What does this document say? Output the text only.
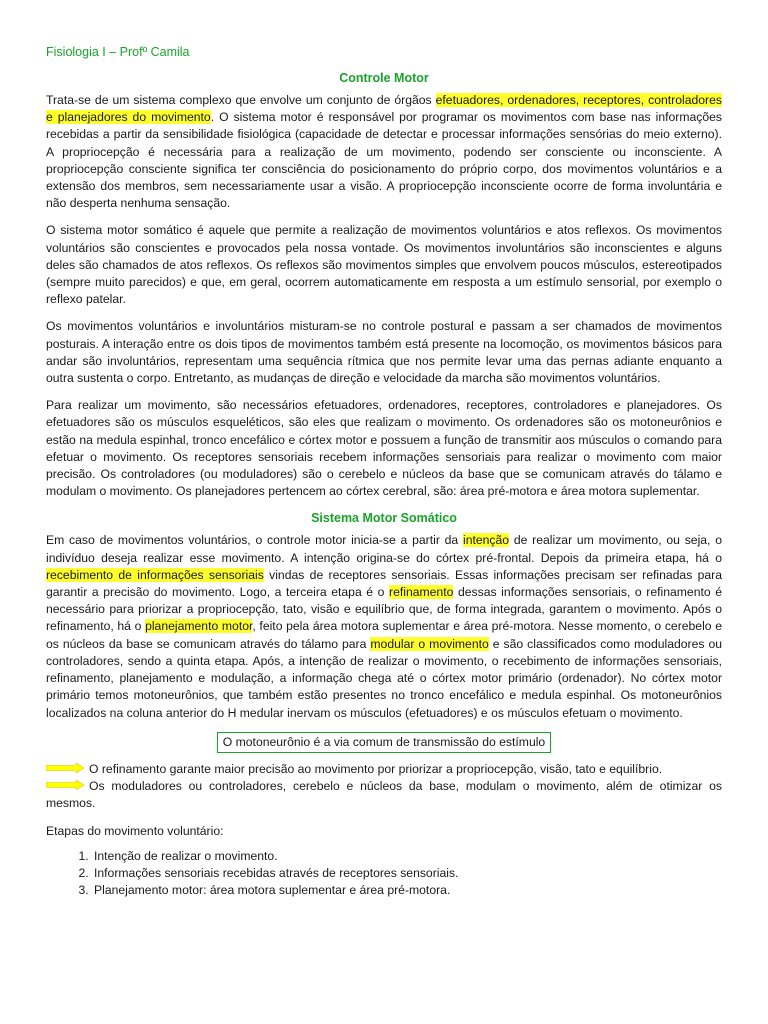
Fisiologia I – Profº Camila
Controle Motor

Trata-se de um sistema complexo que envolve um conjunto de órgãos efetuadores, ordenadores, receptores, controladores e planejadores do movimento. O sistema motor é responsável por programar os movimentos com base nas informações recebidas a partir da sensibilidade fisiológica (capacidade de detectar e processar informações sensórias do meio externo). A propriocepção é necessária para a realização de um movimento, podendo ser consciente ou inconsciente. A propriocepção consciente significa ter consciência do posicionamento do próprio corpo, dos movimentos voluntários e a extensão dos membros, sem necessariamente usar a visão. A propriocepção inconsciente ocorre de forma involuntária e não desperta nenhuma sensação.

O sistema motor somático é aquele que permite a realização de movimentos voluntários e atos reflexos. Os movimentos voluntários são conscientes e provocados pela nossa vontade. Os movimentos involuntários são inconscientes e alguns deles são chamados de atos reflexos. Os reflexos são movimentos simples que envolvem poucos músculos, estereotipados (sempre muito parecidos) e que, em geral, ocorrem automaticamente em resposta a um estímulo sensorial, por exemplo o reflexo patelar.

Os movimentos voluntários e involuntários misturam-se no controle postural e passam a ser chamados de movimentos posturais. A interação entre os dois tipos de movimentos também está presente na locomoção, os movimentos básicos para andar são involuntários, representam uma sequência rítmica que nos permite levar uma das pernas adiante enquanto a outra sustenta o corpo. Entretanto, as mudanças de direção e velocidade da marcha são movimentos voluntários.

Para realizar um movimento, são necessários efetuadores, ordenadores, receptores, controladores e planejadores. Os efetuadores são os músculos esqueléticos, são eles que realizam o movimento. Os ordenadores são os motoneurônios e estão na medula espinhal, tronco encefálico e córtex motor e possuem a função de transmitir aos músculos o comando para efetuar o movimento. Os receptores sensoriais recebem informações sensoriais para realizar o movimento com maior precisão. Os controladores (ou moduladores) são o cerebelo e núcleos da base que se comunicam através do tálamo e modulam o movimento. Os planejadores pertencem ao córtex cerebral, são: área pré-motora e área motora suplementar.

Sistema Motor Somático

Em caso de movimentos voluntários, o controle motor inicia-se a partir da intenção de realizar um movimento, ou seja, o indivíduo deseja realizar esse movimento. A intenção origina-se do córtex pré-frontal. Depois da primeira etapa, há o recebimento de informações sensoriais vindas de receptores sensoriais. Essas informações precisam ser refinadas para garantir a precisão do movimento. Logo, a terceira etapa é o refinamento dessas informações sensoriais, o refinamento é necessário para priorizar a propriocepção, tato, visão e equilíbrio que, de forma integrada, garantem o movimento. Após o refinamento, há o planejamento motor, feito pela área motora suplementar e área pré-motora. Nesse momento, o cerebelo e os núcleos da base se comunicam através do tálamo para modular o movimento e são classificados como moduladores ou controladores, sendo a quinta etapa. Após, a intenção de realizar o movimento, o recebimento de informações sensoriais, refinamento, planejamento e modulação, a informação chega até o córtex motor primário (ordenador). No córtex motor primário temos motoneurônios, que também estão presentes no tronco encefálico e medula espinhal. Os motoneurônios localizados na coluna anterior do H medular inervam os músculos (efetuadores) e os músculos efetuam o movimento.

O motoneurônio é a via comum de transmissão do estímulo

O refinamento garante maior precisão ao movimento por priorizar a propriocepção, visão, tato e equilíbrio.

Os moduladores ou controladores, cerebelo e núcleos da base, modulam o movimento, além de otimizar os mesmos.

Etapas do movimento voluntário:

1. Intenção de realizar o movimento.
2. Informações sensoriais recebidas através de receptores sensoriais.
3. Planejamento motor: área motora suplementar e área pré-motora.
